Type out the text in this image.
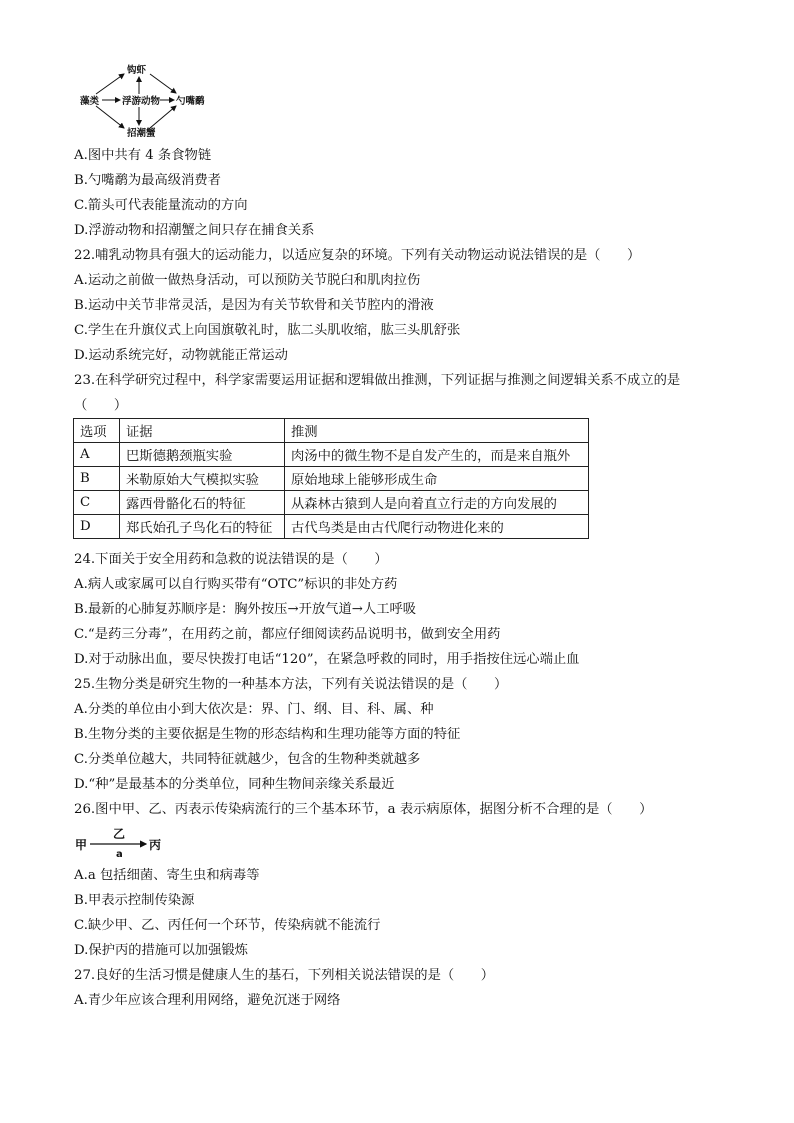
钩虾
藻类 浮游动物 勺嘴鹬
招潮蟹
A.图中共有 4 条食物链
B.勺嘴鹬为最高级消费者
C.箭头可代表能量流动的方向
D.浮游动物和招潮蟹之间只存在捕食关系
22.哺乳动物具有强大的运动能力，以适应复杂的环境。下列有关动物运动说法错误的是（　　）
A.运动之前做一做热身活动，可以预防关节脱臼和肌肉拉伤
B.运动中关节非常灵活，是因为有关节软骨和关节腔内的滑液
C.学生在升旗仪式上向国旗敬礼时，肱二头肌收缩，肱三头肌舒张
D.运动系统完好，动物就能正常运动
23.在科学研究过程中，科学家需要运用证据和逻辑做出推测，下列证据与推测之间逻辑关系不成立的是
（　　）
选项	证据	推测
A	巴斯德鹅颈瓶实验	肉汤中的微生物不是自发产生的，而是来自瓶外
B	米勒原始大气模拟实验	原始地球上能够形成生命
C	露西骨骼化石的特征	从森林古猿到人是向着直立行走的方向发展的
D	郑氏始孔子鸟化石的特征	古代鸟类是由古代爬行动物进化来的
24.下面关于安全用药和急救的说法错误的是（　　）
A.病人或家属可以自行购买带有“OTC”标识的非处方药
B.最新的心肺复苏顺序是：胸外按压→开放气道→人工呼吸
C.“是药三分毒”，在用药之前，都应仔细阅读药品说明书，做到安全用药
D.对于动脉出血，要尽快拨打电话“120”，在紧急呼救的同时，用手指按住远心端止血
25.生物分类是研究生物的一种基本方法，下列有关说法错误的是（　　）
A.分类的单位由小到大依次是：界、门、纲、目、科、属、种
B.生物分类的主要依据是生物的形态结构和生理功能等方面的特征
C.分类单位越大，共同特征就越少，包含的生物种类就越多
D.“种”是最基本的分类单位，同种生物间亲缘关系最近
26.图中甲、乙、丙表示传染病流行的三个基本环节，a 表示病原体，据图分析不合理的是（　　）
甲
乙
a
丙
A.a 包括细菌、寄生虫和病毒等
B.甲表示控制传染源
C.缺少甲、乙、丙任何一个环节，传染病就不能流行
D.保护丙的措施可以加强锻炼
27.良好的生活习惯是健康人生的基石，下列相关说法错误的是（　　）
A.青少年应该合理利用网络，避免沉迷于网络
